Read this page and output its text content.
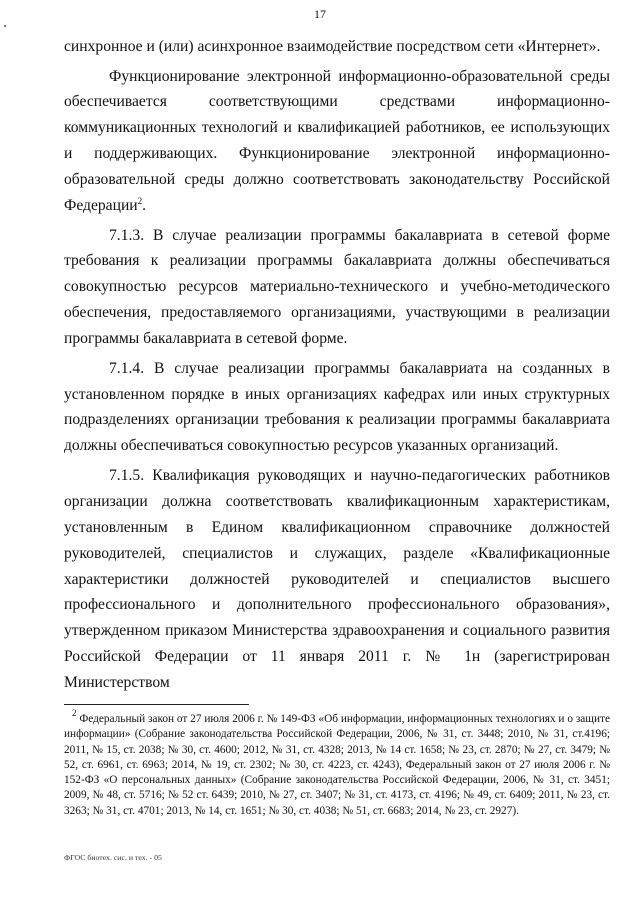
17

синхронное и (или) асинхронное взаимодействие посредством сети «Интернет».

Функционирование электронной информационно-образовательной среды обеспечивается соответствующими средствами информационно-коммуникационных технологий и квалификацией работников, ее использующих и поддерживающих. Функционирование электронной информационно-образовательной среды должно соответствовать законодательству Российской Федерации$^2$.

7.1.3. В случае реализации программы бакалавриата в сетевой форме требования к реализации программы бакалавриата должны обеспечиваться совокупностью ресурсов материально-технического и учебно-методического обеспечения, предоставляемого организациями, участвующими в реализации программы бакалавриата в сетевой форме.

7.1.4. В случае реализации программы бакалавриата на созданных в установленном порядке в иных организациях кафедрах или иных структурных подразделениях организации требования к реализации программы бакалавриата должны обеспечиваться совокупностью ресурсов указанных организаций.

7.1.5. Квалификация руководящих и научно-педагогических работников организации должна соответствовать квалификационным характеристикам, установленным в Едином квалификационном справочнике должностей руководителей, специалистов и служащих, разделе «Квалификационные характеристики должностей руководителей и специалистов высшего профессионального и дополнительного профессионального образования», утвержденном приказом Министерства здравоохранения и социального развития Российской Федерации от 11 января 2011 г. № 1н (зарегистрирован Министерством

$^2$ Федеральный закон от 27 июля 2006 г. № 149-ФЗ «Об информации, информационных технологиях и о защите информации» (Собрание законодательства Российской Федерации, 2006, № 31, ст. 3448; 2010, № 31, ст.4196; 2011, № 15, ст. 2038; № 30, ст. 4600; 2012, № 31, ст. 4328; 2013, № 14 ст. 1658; № 23, ст. 2870; № 27, ст. 3479; № 52, ст. 6961, ст. 6963; 2014, № 19, ст. 2302; № 30, ст. 4223, ст. 4243), Федеральный закон от 27 июля 2006 г. № 152-ФЗ «О персональных данных» (Собрание законодательства Российской Федерации, 2006, № 31, ст. 3451; 2009, № 48, ст. 5716; № 52 ст. 6439; 2010, № 27, ст. 3407; № 31, ст. 4173, ст. 4196; № 49, ст. 6409; 2011, № 23, ст. 3263; № 31, ст. 4701; 2013, № 14, ст. 1651; № 30, ст. 4038; № 51, ст. 6683; 2014, № 23, ст. 2927).
ФГОС биотех. сис. и тех. - 05
